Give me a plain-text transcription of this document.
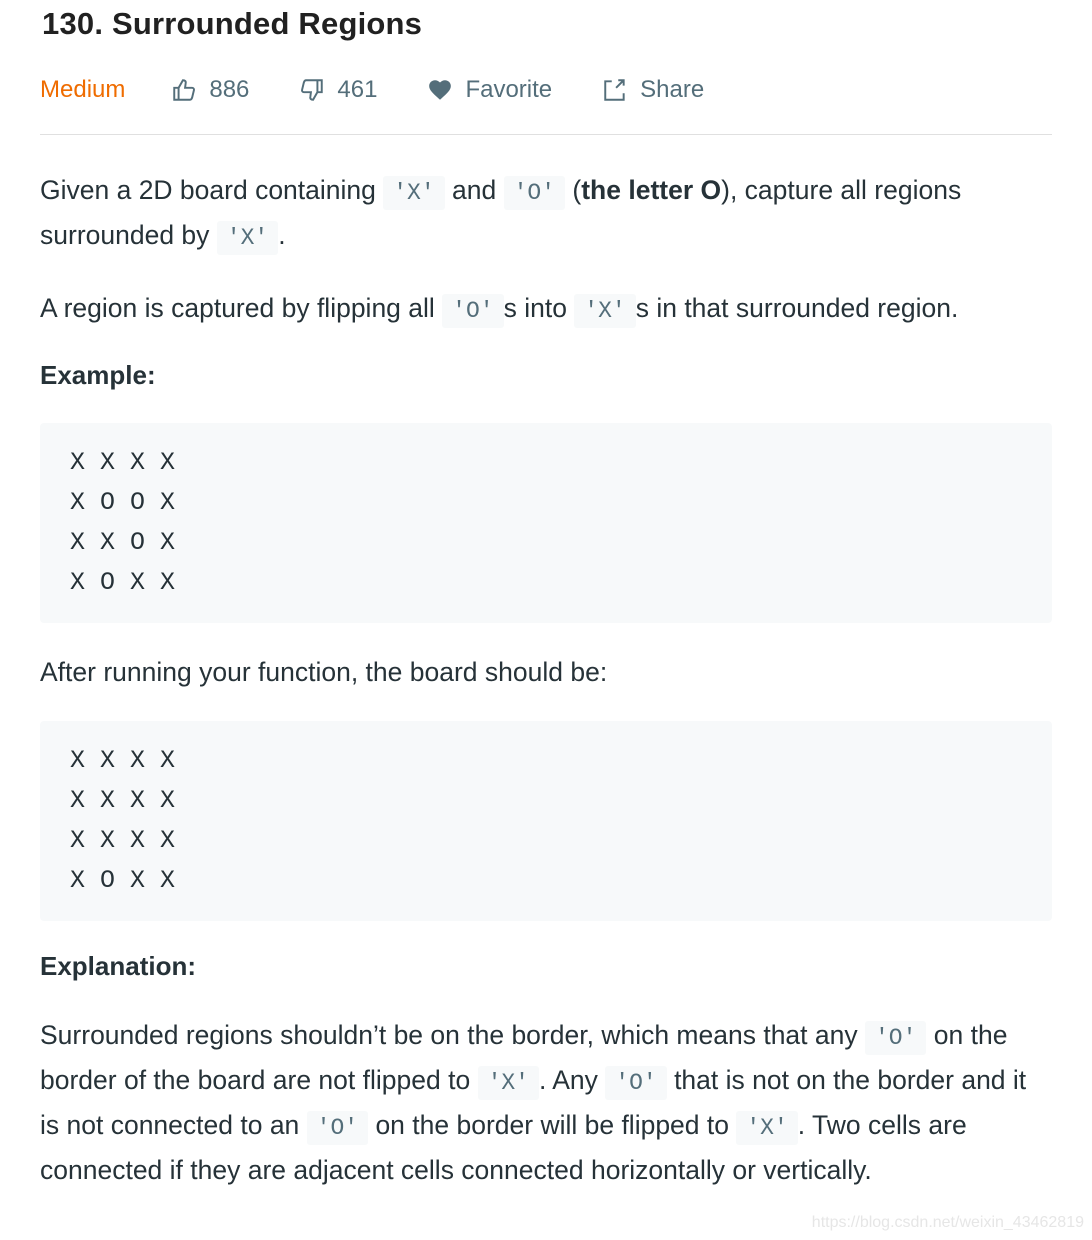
130. Surrounded Regions
Medium	886	461	Favorite	Share

Given a 2D board containing 'X' and 'O' (the letter O), capture all regions surrounded by 'X' .

A region is captured by flipping all 'O' s into 'X' s in that surrounded region.

Example:
X X X X
X O O X
X X O X
X O X X

After running your function, the board should be:

X X X X
X X X X
X X X X
X O X X
Explanation:

Surrounded regions shouldn’t be on the border, which means that any 'O' on the border of the board are not flipped to 'X' . Any 'O' that is not on the border and it is not connected to an 'O' on the border will be flipped to 'X' . Two cells are connected if they are adjacent cells connected horizontally or vertically.

https://blog.csdn.net/weixin_43462819
